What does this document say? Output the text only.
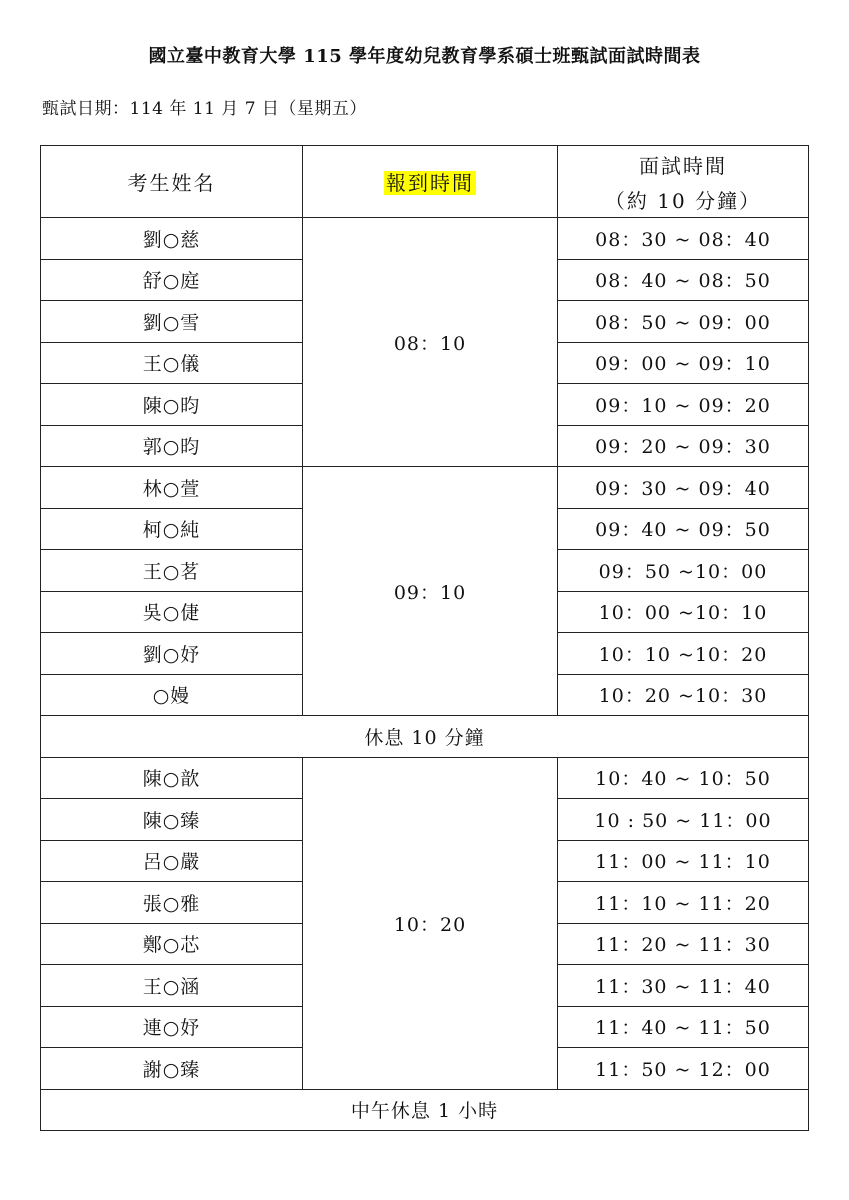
國立臺中教育大學 115 學年度幼兒教育學系碩士班甄試面試時間表
甄試日期：114 年 11 月 7 日（星期五）
考生姓名	報到時間	面試時間
（約 10 分鐘）

劉○慈	08：10	08：30 ~ 08：40
舒○庭		08：40 ~ 08：50
劉○雪		08：50 ~ 09：00
王○儀		09：00 ~ 09：10
陳○昀		09：10 ~ 09：20
郭○昀		09：20 ~ 09：30
林○萱	09：10	09：30 ~ 09：40
柯○純		09：40 ~ 09：50
王○茗		09：50 ~10：00
吳○倢		10：00 ~10：10
劉○妤		10：10 ~10：20
○嫚		10：20 ~10：30
休息 10 分鐘		
陳○歆	10：20	10：40 ~ 10：50
陳○臻		10 : 50 ~ 11：00
呂○嚴		11：00 ~ 11：10
張○雅		11：10 ~ 11：20
鄭○芯		11：20 ~ 11：30
王○涵		11：30 ~ 11：40
連○妤		11：40 ~ 11：50
謝○臻		11：50 ~ 12：00
中午休息 1 小時		
